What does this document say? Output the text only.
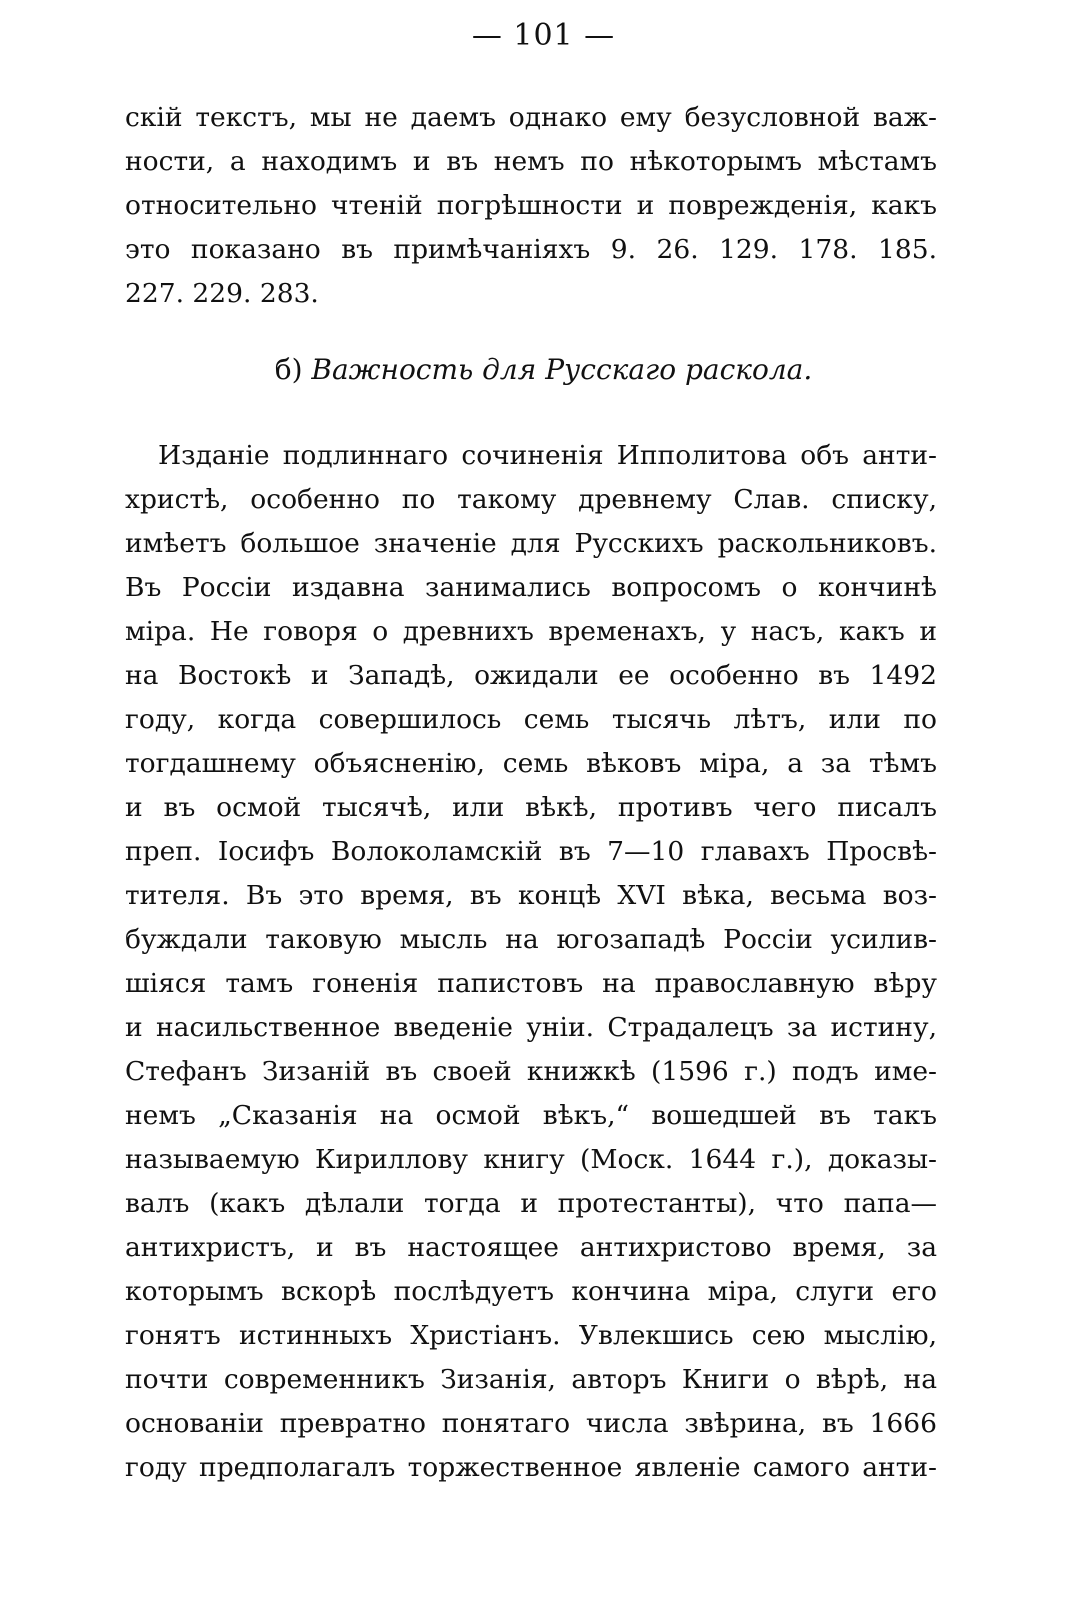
— 101 —
скій текстъ, мы не даемъ однако ему безусловной важ-
ности, а находимъ и въ немъ по нѣкоторымъ мѣстамъ
относительно чтеній погрѣшности и поврежденія, какъ
это показано въ примѣчаніяхъ 9. 26. 129. 178. 185.
227. 229. 283.
б) Важность для Русскаго раскола.
Изданіе подлиннаго сочиненія Ипполитова объ анти-
христѣ, особенно по такому древнему Слав. списку,
имѣетъ большое значеніе для Русскихъ раскольниковъ.
Въ Россіи издавна занимались вопросомъ о кончинѣ
міра. Не говоря о древнихъ временахъ, у насъ, какъ и
на Востокѣ и Западѣ, ожидали ее особенно въ 1492
году, когда совершилось семь тысячь лѣтъ, или по
тогдашнему объясненію, семь вѣковъ міра, а за тѣмъ
и въ осмой тысячѣ, или вѣкѣ, противъ чего писалъ
преп. Іосифъ Волоколамскій въ 7—10 главахъ Просвѣ-
тителя. Въ это время, въ концѣ XVI вѣка, весьма воз-
буждали таковую мысль на югозападѣ Россіи усилив-
шіяся тамъ гоненія папистовъ на православную вѣру
и насильственное введеніе уніи. Страдалецъ за истину,
Стефанъ Зизаній въ своей книжкѣ (1596 г.) подъ име-
немъ „Сказанія на осмой вѣкъ,“ вошедшей въ такъ
называемую Кириллову книгу (Моск. 1644 г.), доказы-
валъ (какъ дѣлали тогда и протестанты), что папа—
антихристъ, и въ настоящее антихристово время, за
которымъ вскорѣ послѣдуетъ кончина міра, слуги его
гонятъ истинныхъ Христіанъ. Увлекшись сею мыслію,
почти современникъ Зизанія, авторъ Книги о вѣрѣ, на
основаніи превратно понятаго числа звѣрина, въ 1666
году предполагалъ торжественное явленіе самого анти-
